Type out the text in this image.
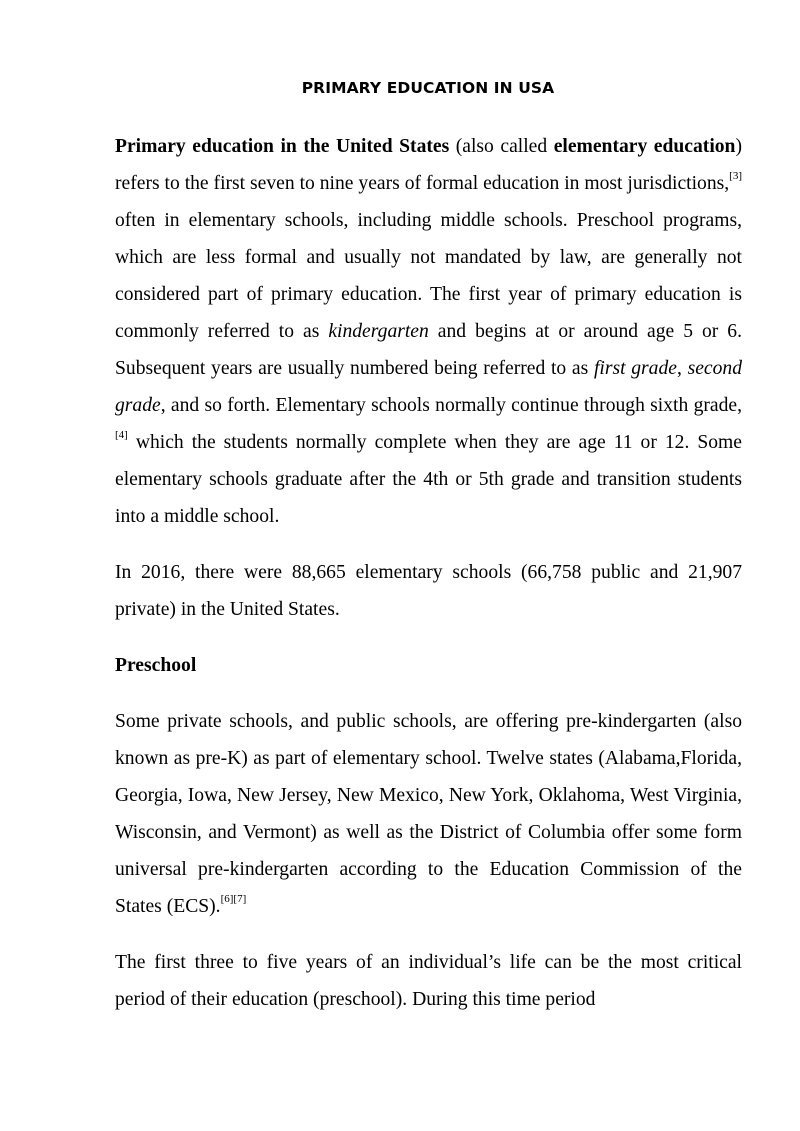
PRIMARY EDUCATION IN USA

Primary education in the United States (also called elementary education) refers to the first seven to nine years of formal education in most jurisdictions,[3] often in elementary schools, including middle schools. Preschool programs, which are less formal and usually not mandated by law, are generally not considered part of primary education. The first year of primary education is commonly referred to as kindergarten and begins at or around age 5 or 6. Subsequent years are usually numbered being referred to as first grade, second grade, and so forth. Elementary schools normally continue through sixth grade,[4] which the students normally complete when they are age 11 or 12. Some elementary schools graduate after the 4th or 5th grade and transition students into a middle school.

In 2016, there were 88,665 elementary schools (66,758 public and 21,907 private) in the United States.

Preschool

Some private schools, and public schools, are offering pre-kindergarten (also known as pre-K) as part of elementary school. Twelve states (Alabama,Florida, Georgia, Iowa, New Jersey, New Mexico, New York, Oklahoma, West Virginia, Wisconsin, and Vermont) as well as the District of Columbia offer some form universal pre-kindergarten according to the Education Commission of the States (ECS).[6][7]

The first three to five years of an individual’s life can be the most critical period of their education (preschool). During this time period
